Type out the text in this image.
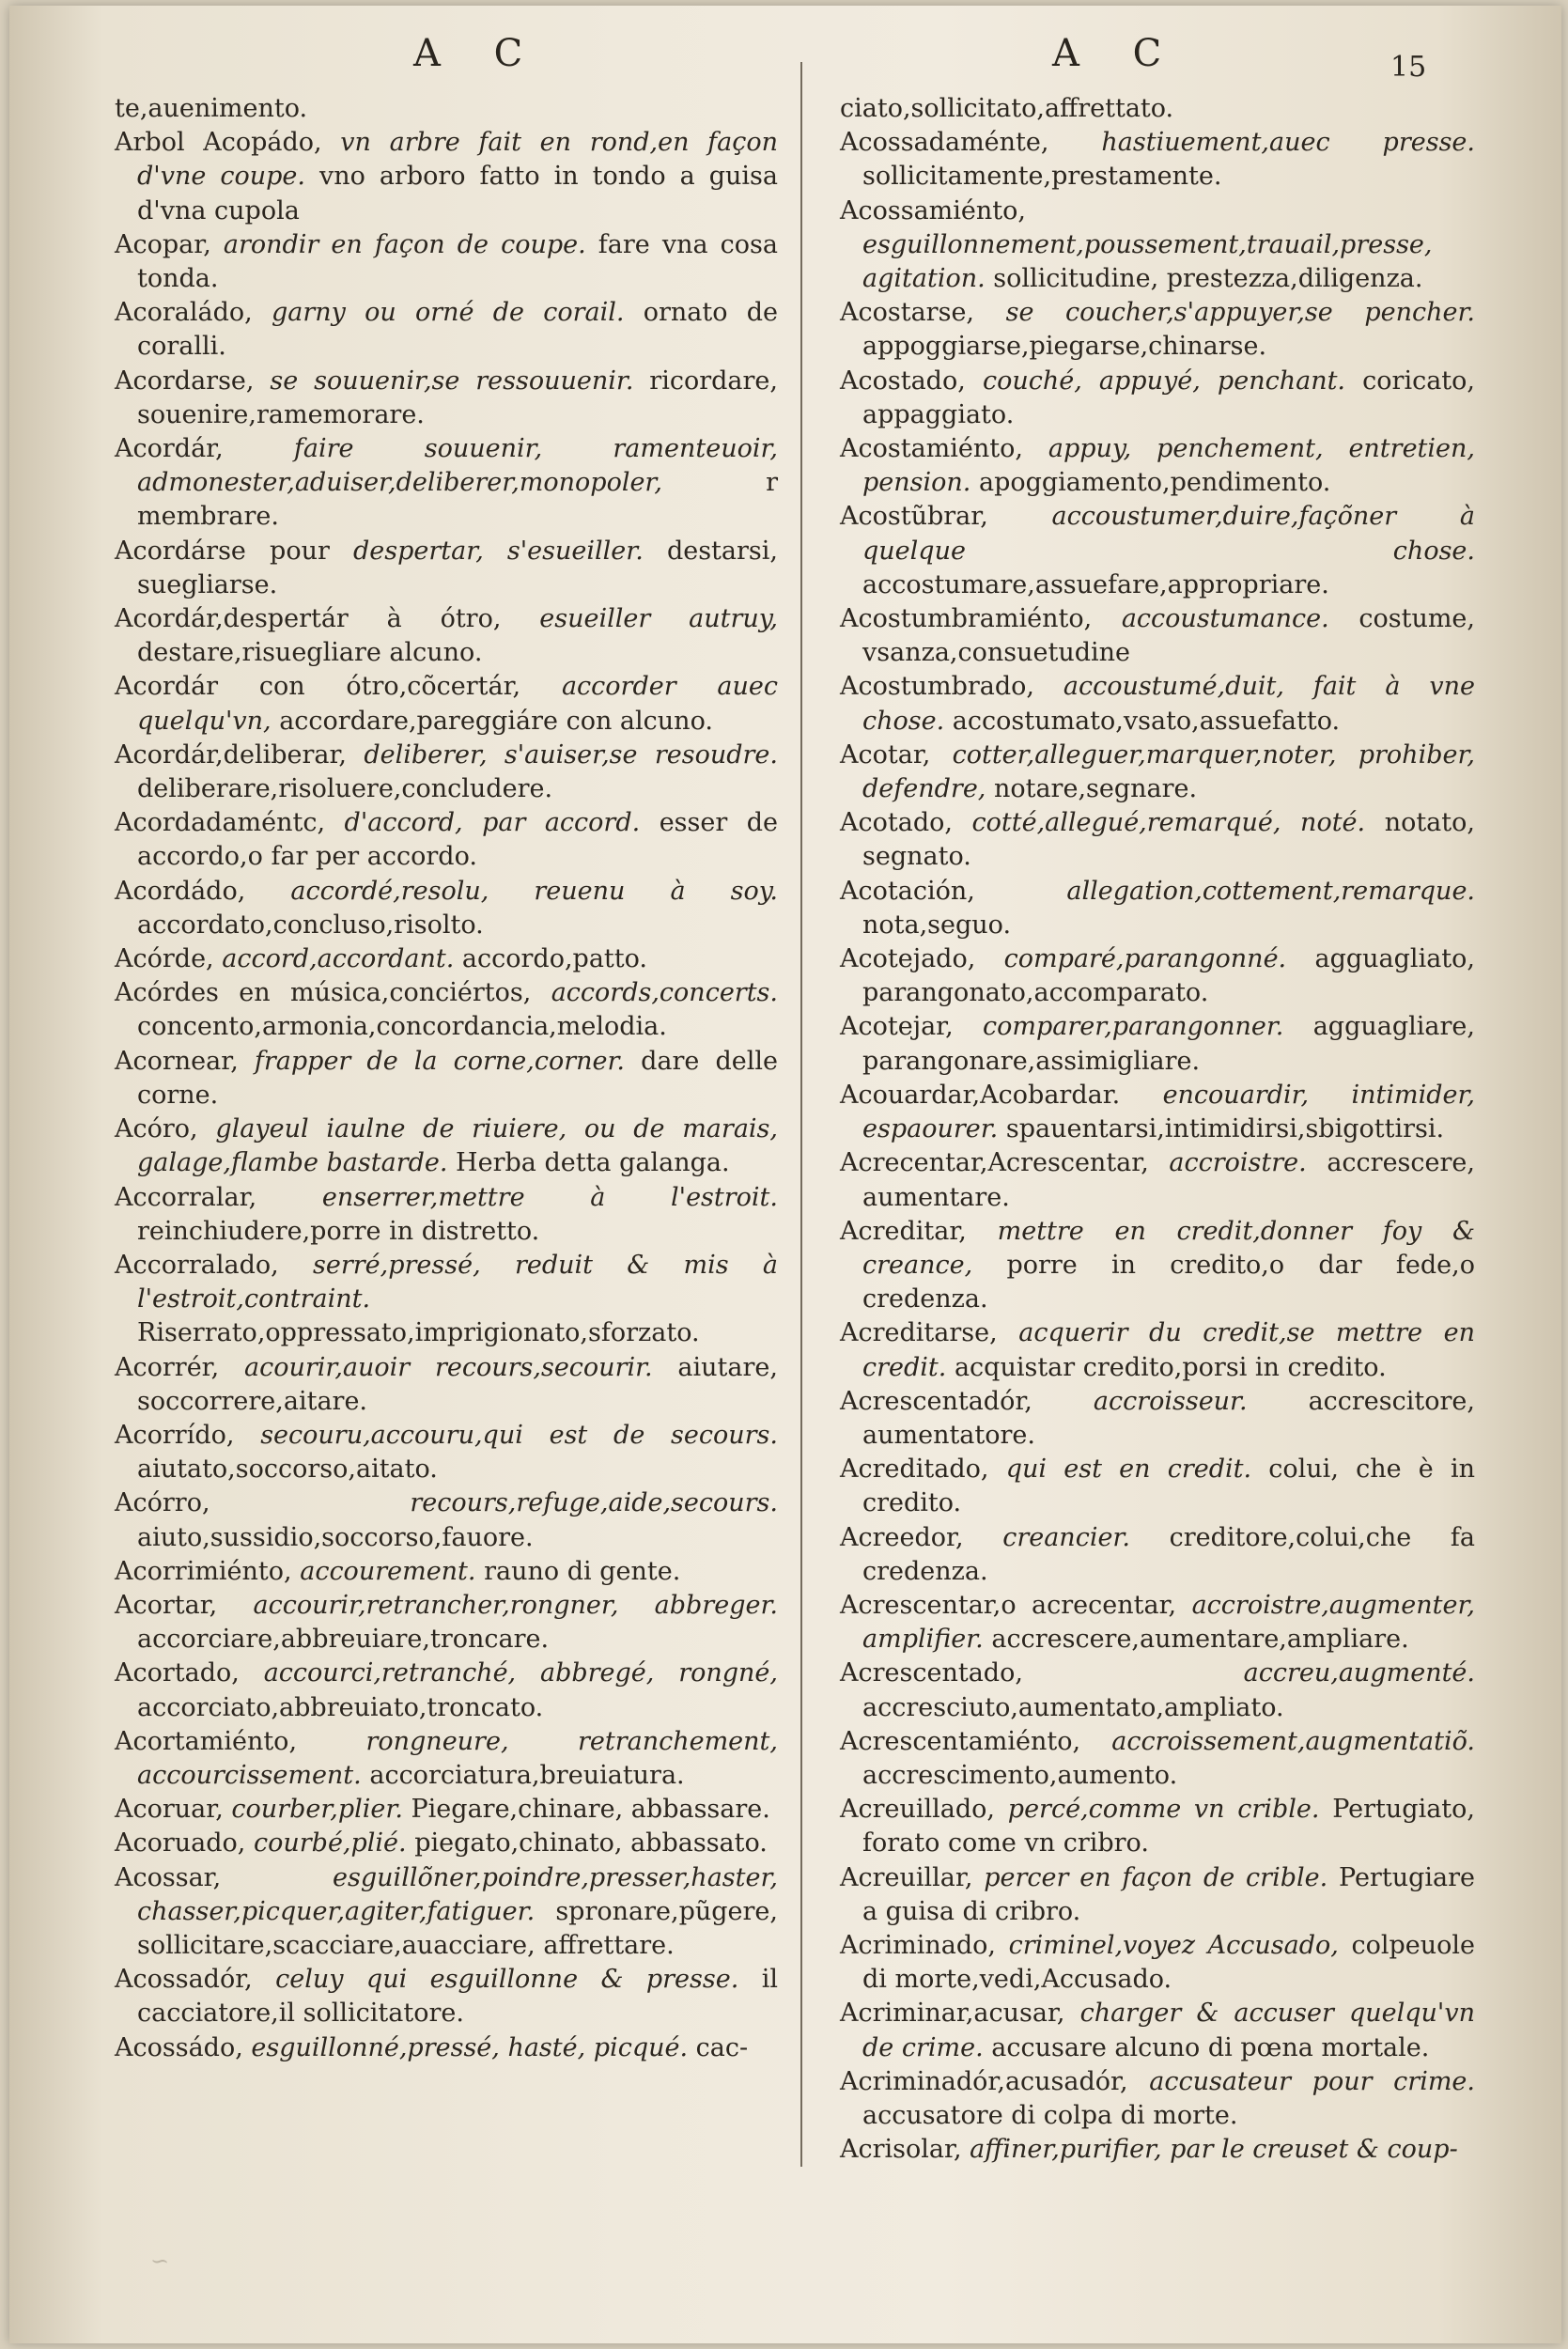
A C	A C	15

te,auenimento.

Arbol Acopádo, vn arbre fait en rond,en façon d'vne coupe. vno arboro fatto in tondo a guisa d'vna cupola

Acopar, arondir en façon de coupe. fare vna cosa tonda.

Acoraládo, garny ou orné de corail. ornato de coralli.

Acordarse, se souuenir,se ressouuenir. ricordare, souenire,ramemorare.

Acordár,	faire souuenir, ramenteuoir, admonester,aduiser,deliberer,monopoler,	r membrare.

Acordárse pour despertar, s'esueiller. destarsi, suegliarse.

Acordár,despertár à ótro, esueiller autruy, destare,risuegliare alcuno.

Acordár con ótro,cõcertár, accorder auec quelqu'vn, accordare,pareggiáre con alcuno.

Acordár,deliberar, deliberer, s'auiser,se resoudre. deliberare,risoluere,concludere.

Acordadaméntc, d'accord, par accord. esser de accordo,o far per accordo.

Acordádo, accordé,resolu, reuenu à soy. accordato,concluso,risolto.

Acórde, accord,accordant. accordo,patto.

Acórdes en música,conciértos, accords,concerts. concento,armonia,concordancia,melodia.

Acornear, frapper de la corne,corner. dare delle corne.

Acóro, glayeul iaulne de riuiere, ou de marais, galage,flambe bastarde. Herba detta galanga.

Accorralar,	enserrer,mettre à l'estroit. reinchiudere,porre in distretto.

Accorralado, serré,pressé, reduit & mis à l'estroit,contraint. Riserrato,oppressato,imprigionato,sforzato.

Acorrér, acourir,auoir recours,secourir. aiutare, soccorrere,aitare.

Acorrído, secouru,accouru,qui est de secours. aiutato,soccorso,aitato.

Acórro,	recours,refuge,aide,secours. aiuto,sussidio,soccorso,fauore.

Acorrimiénto, accourement. rauno di gente.

Acortar, accourir,retrancher,rongner, abbreger. accorciare,abbreuiare,troncare.

Acortado, accourci,retranché, abbregé, rongné, accorciato,abbreuiato,troncato.

Acortamiénto,	rongneure, retranchement, accourcissement. accorciatura,breuiatura.

Acoruar, courber,plier. Piegare,chinare, abbassare.

Acoruado, courbé,plié. piegato,chinato, abbassato.

Acossar,	esguillõner,poindre,presser,haster, chasser,picquer,agiter,fatiguer. spronare,pũgere, sollicitare,scacciare,auacciare, affrettare.

Acossadór, celuy qui esguillonne & presse. il cacciatore,il sollicitatore.

Acossádo, esguillonné,pressé, hasté, picqué. cac-

ciato,sollicitato,affrettato.

Acossadaménte, hastiuement,auec presse. sollicitamente,prestamente.

Acossamiénto, esguillonnement,poussement,trauail,presse, agitation. sollicitudine, prestezza,diligenza.

Acostarse, se coucher,s'appuyer,se pencher. appoggiarse,piegarse,chinarse.

Acostado, couché, appuyé, penchant. coricato, appaggiato.

Acostamiénto, appuy, penchement, entretien, pension. apoggiamento,pendimento.

Acostũbrar,	accoustumer,duire,façõner à quelque chose. accostumare,assuefare,appropriare.

Acostumbramiénto, accoustumance. costume, vsanza,consuetudine

Acostumbrado, accoustumé,duit, fait à vne chose. accostumato,vsato,assuefatto.

Acotar, cotter,alleguer,marquer,noter, prohiber, defendre, notare,segnare.

Acotado, cotté,allegué,remarqué, noté. notato, segnato.

Acotación,	allegation,cottement,remarque. nota,seguo.

Acotejado, comparé,parangonné. agguagliato, parangonato,accomparato.

Acotejar, comparer,parangonner. agguagliare, parangonare,assimigliare.

Acouardar,Acobardar. encouardir, intimider, espaourer. spauentarsi,intimidirsi,sbigottirsi.

Acrecentar,Acrescentar, accroistre. accrescere, aumentare.

Acreditar, mettre en credit,donner foy & creance, porre in credito,o dar fede,o credenza.

Acreditarse, acquerir du credit,se mettre en credit. acquistar credito,porsi in credito.

Acrescentadór, accroisseur. accrescitore, aumentatore.

Acreditado, qui est en credit. colui, che è in credito.

Acreedor, creancier. creditore,colui,che fa credenza.

Acrescentar,o acrecentar, accroistre,augmenter, amplifier. accrescere,aumentare,ampliare.

Acrescentado,	accreu,augmenté. accresciuto,aumentato,ampliato.

Acrescentamiénto, accroissement,augmentatiõ. accrescimento,aumento.

Acreuillado, percé,comme vn crible. Pertugiato, forato come vn cribro.

Acreuillar, percer en façon de crible. Pertugiare a guisa di cribro.

Acriminado, criminel,voyez Accusado, colpeuole di morte,vedi,Accusado.

Acriminar,acusar, charger & accuser quelqu'vn de crime. accusare alcuno di pœna mortale.

Acriminadór,acusadór, accusateur pour crime. accusatore di colpa di morte.

Acrisolar, affiner,purifier, par le creuset & coup-

~
